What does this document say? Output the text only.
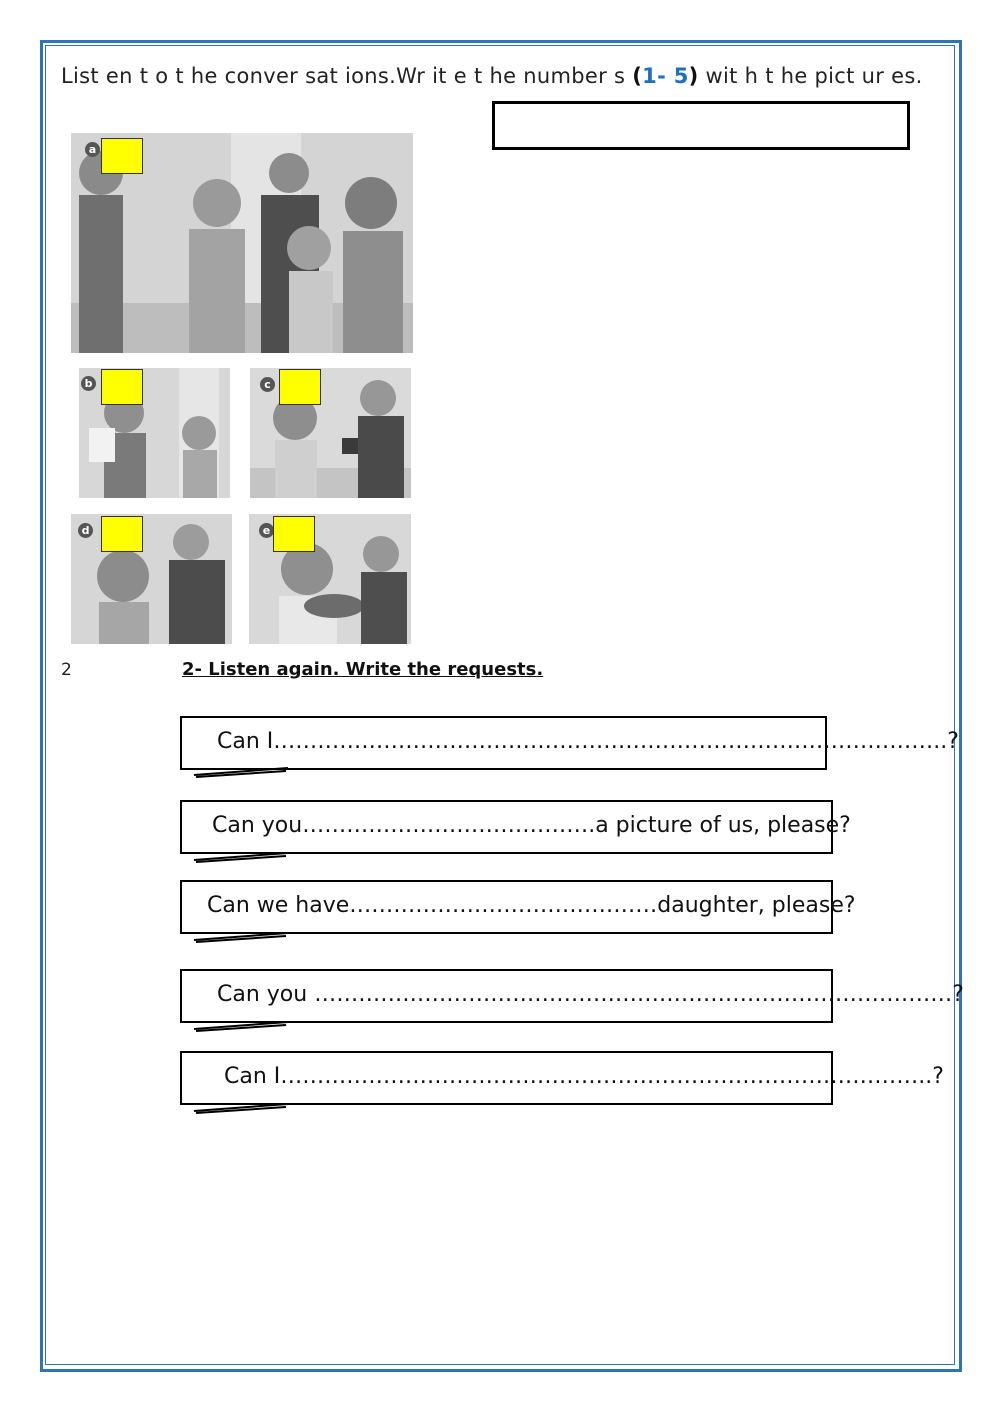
List en t o t he conver sat ions.Wr it e t he number s (1- 5) wit h t he pict ur es.
a
b	c
d	e
2	2- Listen again. Write the requests.
Can I………………………………………………………………………………..?
Can you………………………………….a picture of us, please?
Can we have……………………………………daughter, please?
Can you ……………………………………………………………………………?
Can I……………………………………………………………………………..?
